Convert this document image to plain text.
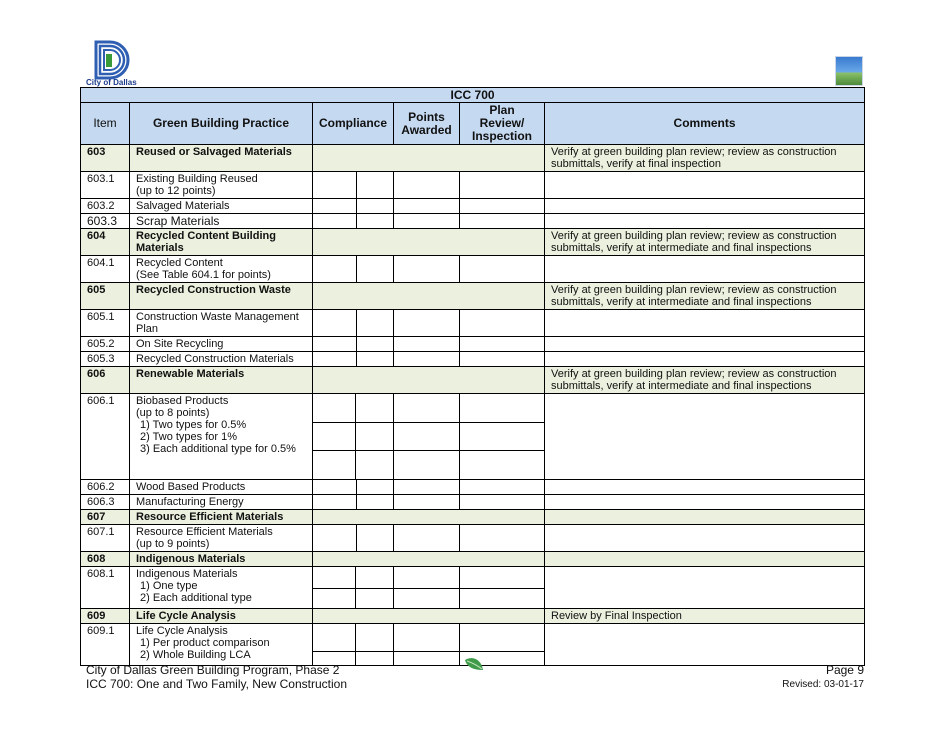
City of Dallas
ICC 700						
Item	Green Building Practice	Compliance		Points Awarded	Plan Review/ Inspection	Comments
603	Reused or Salvaged Materials					Verify at green building plan review; review as construction submittals, verify at final inspection
603.1	Existing Building Reused
(up to 12 points)					

603.2	Salvaged Materials					
603.3	Scrap Materials					
604	Recycled Content Building Materials					Verify at green building plan review; review as construction submittals, verify at intermediate and final inspections
604.1	Recycled Content
(See Table 604.1 for points)					

605	Recycled Construction Waste					Verify at green building plan review; review as construction submittals, verify at intermediate and final inspections
605.1	Construction Waste Management Plan					
605.2	On Site Recycling					
605.3	Recycled Construction Materials					
606	Renewable Materials					Verify at green building plan review; review as construction submittals, verify at intermediate and final inspections
606.1	Biobased Products
(up to 8 points)
1) Two types for 0.5%
2) Two types for 1%
3) Each additional type for 0.5%					

606.2	Wood Based Products					
606.3	Manufacturing Energy					
607	Resource Efficient Materials					
607.1	Resource Efficient Materials
(up to 9 points)					

608	Indigenous Materials					
608.1	Indigenous Materials
1) One type
2) Each additional type					

609	Life Cycle Analysis					Review by Final Inspection
609.1	Life Cycle Analysis
1) Per product comparison
2) Whole Building LCA					

City of Dallas Green Building Program, Phase 2
ICC 700: One and Two Family, New Construction
Page 9
Revised: 03-01-17
